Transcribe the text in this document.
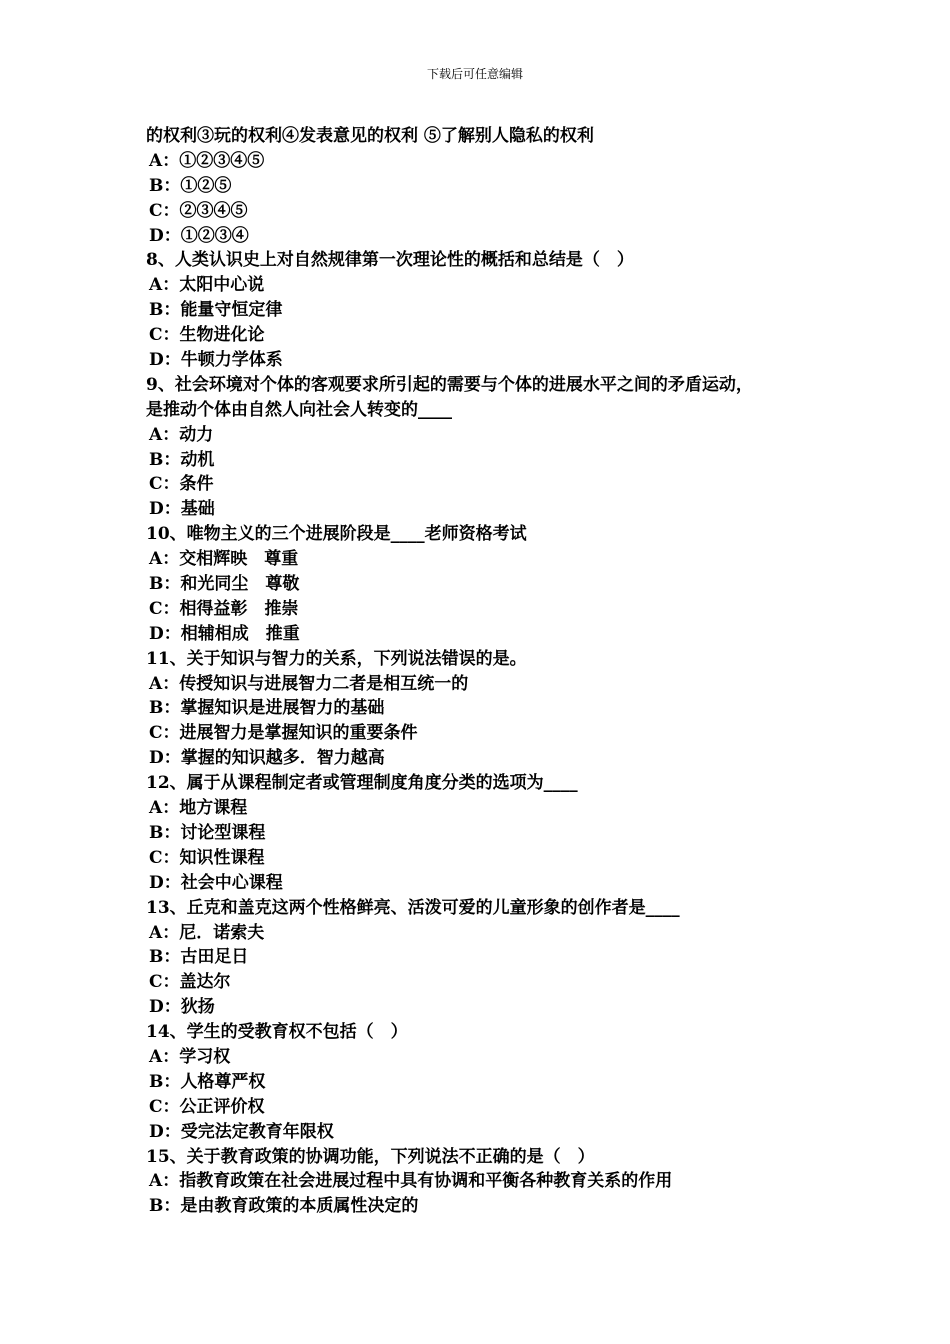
下载后可任意编辑
的权利③玩的权利④发表意见的权利 ⑤了解别人隐私的权利
A：①②③④⑤
B：①②⑤
C：②③④⑤
D：①②③④
8、人类认识史上对自然规律第一次理论性的概括和总结是（　）
A：太阳中心说
B：能量守恒定律
C：生物进化论
D：牛顿力学体系
9、社会环境对个体的客观要求所引起的需要与个体的进展水平之间的矛盾运动，
是推动个体由自然人向社会人转变的____
A：动力
B：动机
C：条件
D：基础
10、唯物主义的三个进展阶段是____老师资格考试
A：交相辉映　尊重
B：和光同尘　尊敬
C：相得益彰　推崇
D：相辅相成　推重
11、关于知识与智力的关系，下列说法错误的是。
A：传授知识与进展智力二者是相互统一的
B：掌握知识是进展智力的基础
C：进展智力是掌握知识的重要条件
D：掌握的知识越多．智力越高
12、属于从课程制定者或管理制度角度分类的选项为____
A：地方课程
B：讨论型课程
C：知识性课程
D：社会中心课程
13、丘克和盖克这两个性格鲜亮、活泼可爱的儿童形象的创作者是____
A：尼．诺索夫
B：古田足日
C：盖达尔
D：狄扬
14、学生的受教育权不包括（　）
A：学习权
B：人格尊严权
C：公正评价权
D：受完法定教育年限权
15、关于教育政策的协调功能，下列说法不正确的是（　）
A：指教育政策在社会进展过程中具有协调和平衡各种教育关系的作用
B：是由教育政策的本质属性决定的
